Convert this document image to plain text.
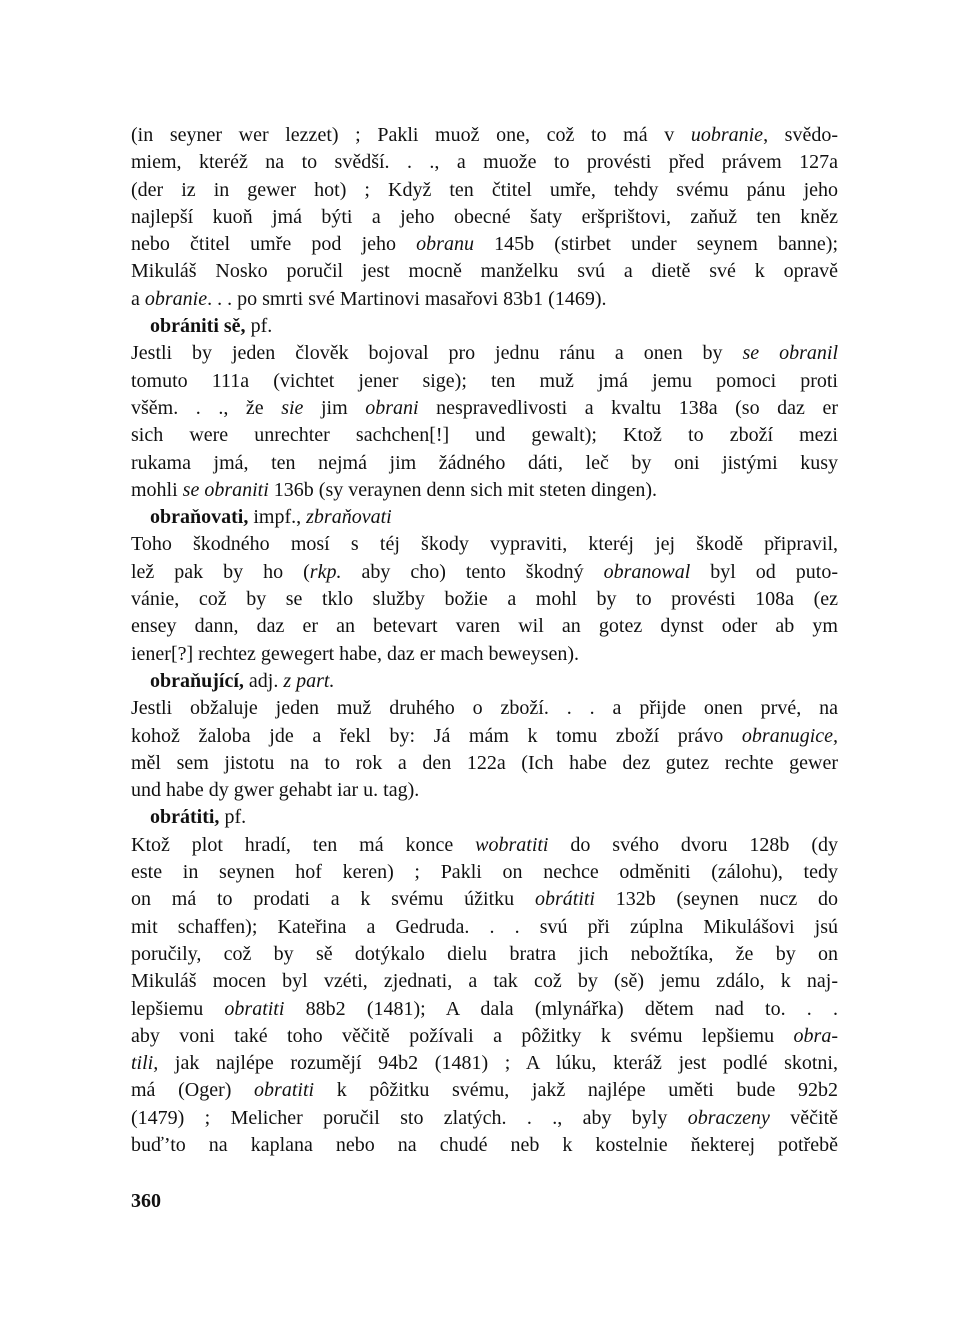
(in seyner wer lezzet) ; Pakli muož one, což to má v uobranie, svědo-
miem, kteréž na to svědší. . ., a muože to provésti před právem 127a
(der iz in gewer hot) ; Když ten čtitel umře, tehdy svému pánu jeho
najlepší kuoň jmá býti a jeho obecné šaty eršprištovi, zaňuž ten kněz
nebo čtitel umře pod jeho obranu 145b (stirbet under seynem banne);
Mikuláš Nosko poručil jest mocně manželku svú a dietě své k opravě
a obranie. . . po smrti své Martinovi masařovi 83b1 (1469).
obrániti sě, pf.
Jestli by jeden člověk bojoval pro jednu ránu a onen by se obranil
tomuto 111a (vichtet jener sige); ten muž jmá jemu pomoci proti
všěm. . ., že sie jim obrani nespravedlivosti a kvaltu 138a (so daz er
sich were unrechter sachchen[!] und gewalt); Ktož to zboží mezi
rukama jmá, ten nejmá jim žádného dáti, leč by oni jistými kusy
mohli se obraniti 136b (sy veraynen denn sich mit steten dingen).
obraňovati, impf., zbraňovati
Toho škodného mosí s téj škody vypraviti, kteréj jej škodě připravil,
lež pak by ho (rkp. aby cho) tento škodný obranowal byl od puto-
vánie, což by se tklo služby božie a mohl by to provésti 108a (ez
ensey dann, daz er an betevart varen wil an gotez dynst oder ab ym
iener[?] rechtez gewegert habe, daz er mach beweysen).
obraňující, adj. z part.
Jestli obžaluje jeden muž druhého o zboží. . . a přijde onen prvé, na
kohož žaloba jde a řekl by: Já mám k tomu zboží právo obranugice,
měl sem jistotu na to rok a den 122a (Ich habe dez gutez rechte gewer
und habe dy gwer gehabt iar u. tag).
obrátiti, pf.
Ktož plot hradí, ten má konce wobratiti do svého dvoru 128b (dy
este in seynen hof keren) ; Pakli on nechce odměniti (zálohu), tedy
on má to prodati a k svému úžitku obrátiti 132b (seynen nucz do
mit schaffen); Kateřina a Gedruda. . . svú při zúplna Mikulášovi jsú
poručily, což by sě dotýkalo dielu bratra jich nebožtíka, že by on
Mikuláš mocen byl vzéti, zjednati, a tak což by (sě) jemu zdálo, k naj-
lepšiemu obratiti 88b2 (1481); A dala (mlynářka) dětem nad to. . .
aby voni také toho věčitě požívali a pôžitky k svému lepšiemu obra-
tili, jak najlépe rozumějí 94b2 (1481) ; A lúku, kteráž jest podlé skotni,
má (Oger) obratiti k pôžitku svému, jakž najlépe uměti bude 92b2
(1479) ; Melicher poručil sto zlatých. . ., aby byly obraczeny věčitě
buď’to na kaplana nebo na chudé neb k kostelnie ňekterej potřebě
360
